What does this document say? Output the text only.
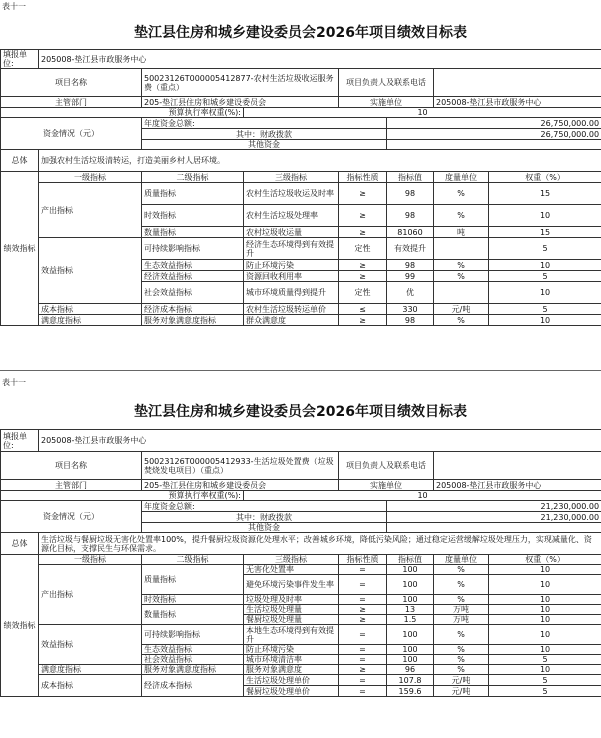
表十一
垫江县住房和城乡建设委员会2026年项目绩效目标表
填报单位:	205008-垫江县市政服务中心						
项目名称		50023126T000005412877-农村生活垃圾收运服务费（重点）		项目负责人及联系电话			
主管部门		205-垫江县住房和城乡建设委员会		实施单位		205008-垫江县市政服务中心	
预算执行率权重(%):			10				
资金情况（元）		年度资金总额:			26,750,000.00		
		其中：财政拨款			26,750,000.00		
		其他资金					
总体	加强农村生活垃圾清转运，打造美丽乡村人居环境。						
绩效指标	一级指标	二级指标	三级指标	指标性质	指标值	度量单位	权重（%）
	产出指标	质量指标	农村生活垃圾收运及时率	≥	98	%	15
		时效指标	农村生活垃圾处理率	≥	98	%	10
		数量指标	农村垃圾收运量	≥	81060	吨	15
	效益指标	可持续影响指标	经济生态环境得到有效提升	定性	有效提升		5
		生态效益指标	防止环境污染	≥	98	%	10
		经济效益指标	资源回收利用率	≥	99	%	5
		社会效益指标	城市环境质量得到提升	定性	优		10
	成本指标	经济成本指标	农村生活垃圾转运单价	≤	330	元/吨	5
	满意度指标	服务对象满意度指标	群众满意度	≥	98	%	10
表十一
垫江县住房和城乡建设委员会2026年项目绩效目标表
填报单位:	205008-垫江县市政服务中心						
项目名称		50023126T000005412933-生活垃圾处置费（垃圾焚烧发电项目）（重点）		项目负责人及联系电话			
主管部门		205-垫江县住房和城乡建设委员会		实施单位		205008-垫江县市政服务中心	
预算执行率权重(%):			10				
资金情况（元）		年度资金总额:			21,230,000.00		
		其中：财政拨款			21,230,000.00		
		其他资金					
总体	生活垃圾与餐厨垃圾无害化处置率100%，提升餐厨垃圾资源化处理水平；改善城乡环境，降低污染风险；通过稳定运营缓解垃圾处理压力，实现减量化、资源化目标，支撑民生与环保需求。						
绩效指标	一级指标	二级指标	三级指标	指标性质	指标值	度量单位	权重（%）
	产出指标	质量指标	无害化处置率	=	100	%	10
			避免环境污染事件发生率	=	100	%	10
		时效指标	垃圾处理及时率	=	100	%	10
		数量指标	生活垃圾处理量	≥	13	万吨	10
			餐厨垃圾处理量	≥	1.5	万吨	10
	效益指标	可持续影响指标	本地生态环境得到有效提升	=	100	%	10
		生态效益指标	防止环境污染	=	100	%	10
		社会效益指标	城市环境清洁率	=	100	%	5
	满意度指标	服务对象满意度指标	服务对象满意度	≥	96	%	10
	成本指标	经济成本指标	生活垃圾处理单价	=	107.8	元/吨	5
			餐厨垃圾处理单价	=	159.6	元/吨	5
